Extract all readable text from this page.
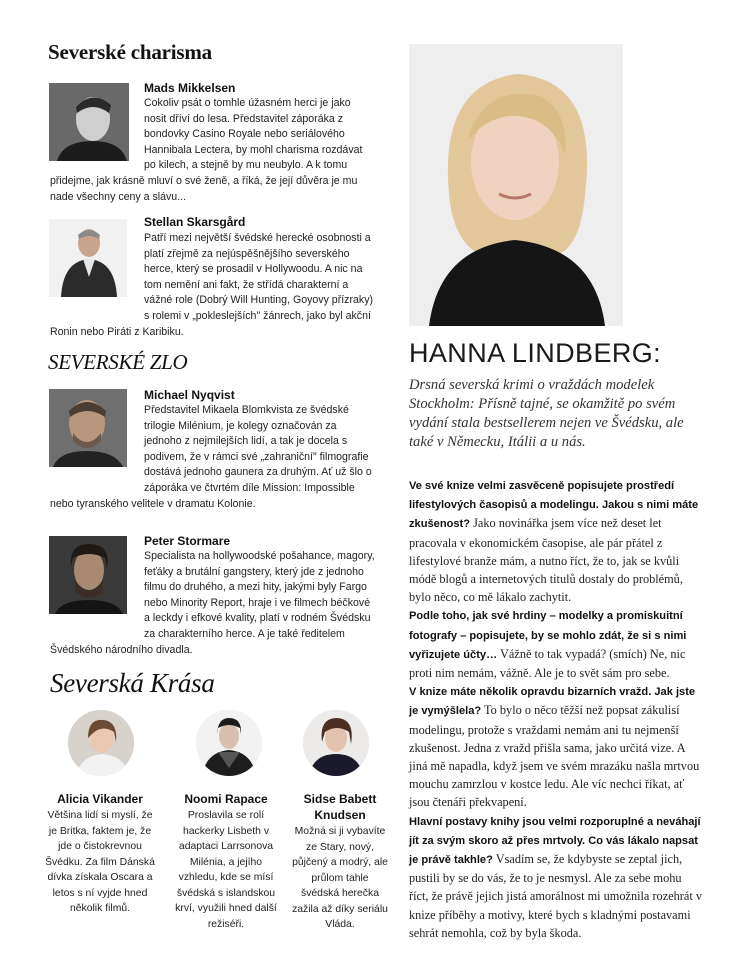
Severské charisma
SEVERSKÉ ZLO
Severská Krása
Mads Mikkelsen

Cokoliv psát o tomhle úžasném herci je jako nosit dříví do lesa. Představitel záporáka z bondovky Casino Royale nebo seriálového Hannibala Lectera, by mohl charisma rozdávat po kilech, a stejně by mu neubylo. A k tomu přidejme, jak krásně mluví o své ženě, a říká, že její důvěra je mu nade všechny ceny a slávu...

Stellan Skarsgård

Patří mezi největší švédské herecké osobnosti a platí zřejmě za nejúspěšnějšího severského herce, který se prosadil v Hollywoodu. A nic na tom nemění ani fakt, že střídá charakterní a vážné role (Dobrý Will Hunting, Goyovy přízraky) s rolemi v „pokleslejších" žánrech, jako byl akční Ronin nebo Piráti z Karibiku.

Michael Nyqvist

Představitel Mikaela Blomkvista ze švédské trilogie Milénium, je kolegy označován za jednoho z nejmilejších lidí, a tak je docela s podivem, že v rámci své „zahraniční" filmografie dostává jednoho gaunera za druhým. Ať už šlo o záporáka ve čtvrtém díle Mission: Impossible nebo tyranského velitele v dramatu Kolonie.

Peter Stormare

Specialista na hollywoodské pošahance, magory, feťáky a brutální gangstery, který jde z jednoho filmu do druhého, a mezi hity, jakými byly Fargo nebo Minority Report, hraje i ve filmech béčkové a leckdy i efkové kvality, platí v rodném Švédsku za charakterního herce. A je také ředitelem Švédského národního divadla.

HANNA LINDBERG:

Drsná severská krimi o vraždách modelek Stockholm: Přísně tajné, se okamžitě po svém vydání stala bestsellerem nejen ve Švédsku, ale také v Německu, Itálii a u nás.

Ve své knize velmi zasvěceně popisujete prostředí lifestylových časopisů a modelingu. Jakou s nimi máte zkušenost? Jako novinářka jsem více než deset let pracovala v ekonomickém časopise, ale pár přátel z lifestylové branže mám, a nutno říct, že to, jak se kvůli módě blogů a internetových titulů dostaly do problémů, bylo něco, co mě lákalo zachytit.
Podle toho, jak své hrdiny – modelky a promiskuitní fotografy – popisujete, by se mohlo zdát, že si s nimi vyřizujete účty… Vážně to tak vypadá? (smích) Ne, nic proti nim nemám, vážně. Ale je to svět sám pro sebe.
V knize máte několik opravdu bizarních vražd. Jak jste je vymýšlela? To bylo o něco těžší než popsat zákulisí modelingu, protože s vraždami nemám ani tu nejmenší zkušenost. Jedna z vražd přišla sama, jako určitá vize. A jiná mě napadla, když jsem ve svém mrazáku našla mrtvou mouchu zamrzlou v kostce ledu. Ale víc nechci říkat, ať jsou čtenáři překvapení.
Hlavní postavy knihy jsou velmi rozporuplné a neváhají jít za svým skoro až přes mrtvoly. Co vás lákalo napsat je právě takhle? Vsadím se, že kdybyste se zeptal jich, pustili by se do vás, že to je nesmysl. Ale za sebe mohu říct, že právě jejich jistá amorálnost mi umožnila rozehrát v knize příběhy a motivy, které bych s kladnými postavami sehrát nemohla, což by byla škoda.
Alicia Vikander	Noomi Rapace	Sidse Babett Knudsen

Většina lidí si myslí, že je Britka, faktem je, že jde o čistokrevnou Švédku. Za film Dánská dívka získala Oscara a letos s ní vyjde hned několik filmů.

Proslavila se rolí hackerky Lisbeth v adaptaci Larrsonova Milénia, a jejího vzhledu, kde se mísí švédská s islandskou krví, využili hned další režiséři.

Možná si ji vybavíte ze Stary, nový, půjčený a modrý, ale průlom tahle švédská herečka zažila až díky seriálu Vláda.
